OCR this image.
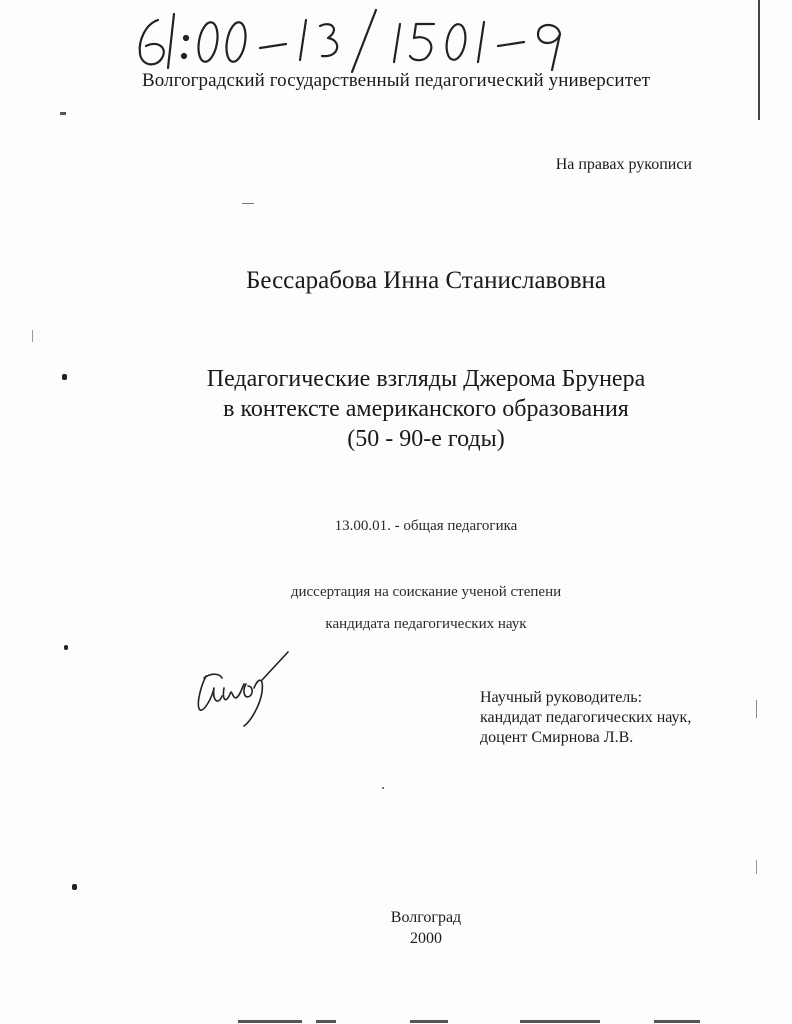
Волгоградский государственный педагогический университет
На правах рукописи
Бессарабова Инна Станиславовна
Педагогические взгляды Джерома Брунера
в контексте американского образования
(50 - 90-е годы)
13.00.01. - общая педагогика
диссертация на соискание ученой степени
кандидата педагогических наук
Научный руководитель:
кандидат педагогических наук,
доцент Смирнова Л.В.
Волгоград
2000
